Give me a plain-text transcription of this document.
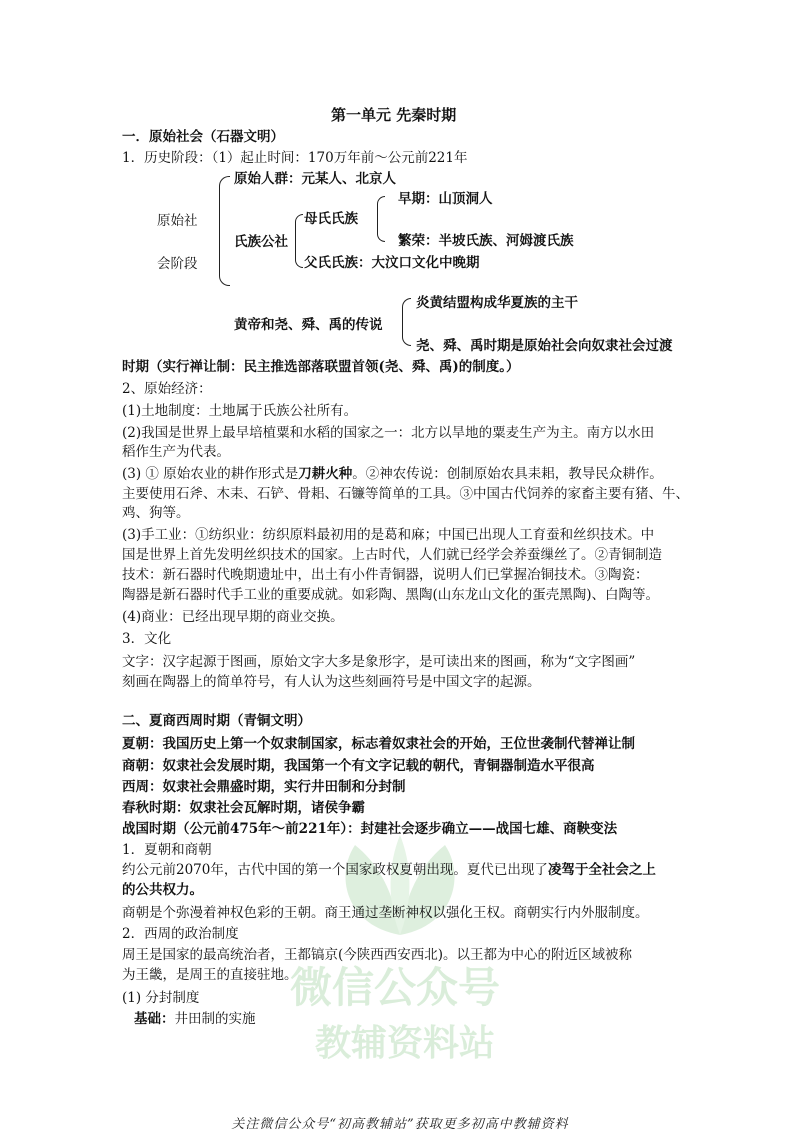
微信公众号
教辅资料站
第一单元 先秦时期
一．原始社会（石器文明）
1．历史阶段：（1）起止时间：170万年前～公元前221年
原始社
会阶段
原始人群：元某人、北京人
氏族公社
母氏氏族
早期：山顶洞人
繁荣：半坡氏族、河姆渡氏族
父氏氏族：大汶口文化中晚期
黄帝和尧、舜、禹的传说
炎黄结盟构成华夏族的主干
尧、舜、禹时期是原始社会向奴隶社会过渡
时期（实行禅让制：民主推选部落联盟首领(尧、舜、禹)的制度。）
2、原始经济：
(1)土地制度：土地属于氏族公社所有。
(2)我国是世界上最早培植粟和水稻的国家之一：北方以旱地的粟麦生产为主。南方以水田
稻作生产为代表。
(3) ① 原始农业的耕作形式是刀耕火种。②神农传说：创制原始农具耒耜，教导民众耕作。
主要使用石斧、木耒、石铲、骨耜、石镰等简单的工具。③中国古代饲养的家畜主要有猪、牛、
鸡、狗等。
(3)手工业：①纺织业：纺织原料最初用的是葛和麻；中国已出现人工育蚕和丝织技术。中
国是世界上首先发明丝织技术的国家。上古时代，人们就已经学会养蚕缫丝了。②青铜制造
技术：新石器时代晚期遗址中，出土有小件青铜器，说明人们已掌握冶铜技术。③陶瓷：
陶器是新石器时代手工业的重要成就。如彩陶、黑陶(山东龙山文化的蛋壳黑陶)、白陶等。
(4)商业：已经出现早期的商业交换。
3．文化
文字：汉字起源于图画，原始文字大多是象形字，是可读出来的图画，称为“文字图画”
刻画在陶器上的简单符号，有人认为这些刻画符号是中国文字的起源。
二、夏商西周时期（青铜文明）
夏朝：我国历史上第一个奴隶制国家，标志着奴隶社会的开始，王位世袭制代替禅让制
商朝：奴隶社会发展时期，我国第一个有文字记载的朝代，青铜器制造水平很高
西周：奴隶社会鼎盛时期，实行井田制和分封制
春秋时期：奴隶社会瓦解时期，诸侯争霸
战国时期（公元前475年～前221年）：封建社会逐步确立——战国七雄、商鞅变法
1．夏朝和商朝
约公元前2070年，古代中国的第一个国家政权夏朝出现。夏代已出现了凌驾于全社会之上
的公共权力。
商朝是个弥漫着神权色彩的王朝。商王通过垄断神权以强化王权。商朝实行内外服制度。
2．西周的政治制度
周王是国家的最高统治者，王都镐京(今陕西西安西北)。以王都为中心的附近区域被称
为王畿，是周王的直接驻地。
(1) 分封制度
基础：井田制的实施
关注微信公众号“初高教辅站”获取更多初高中教辅资料
